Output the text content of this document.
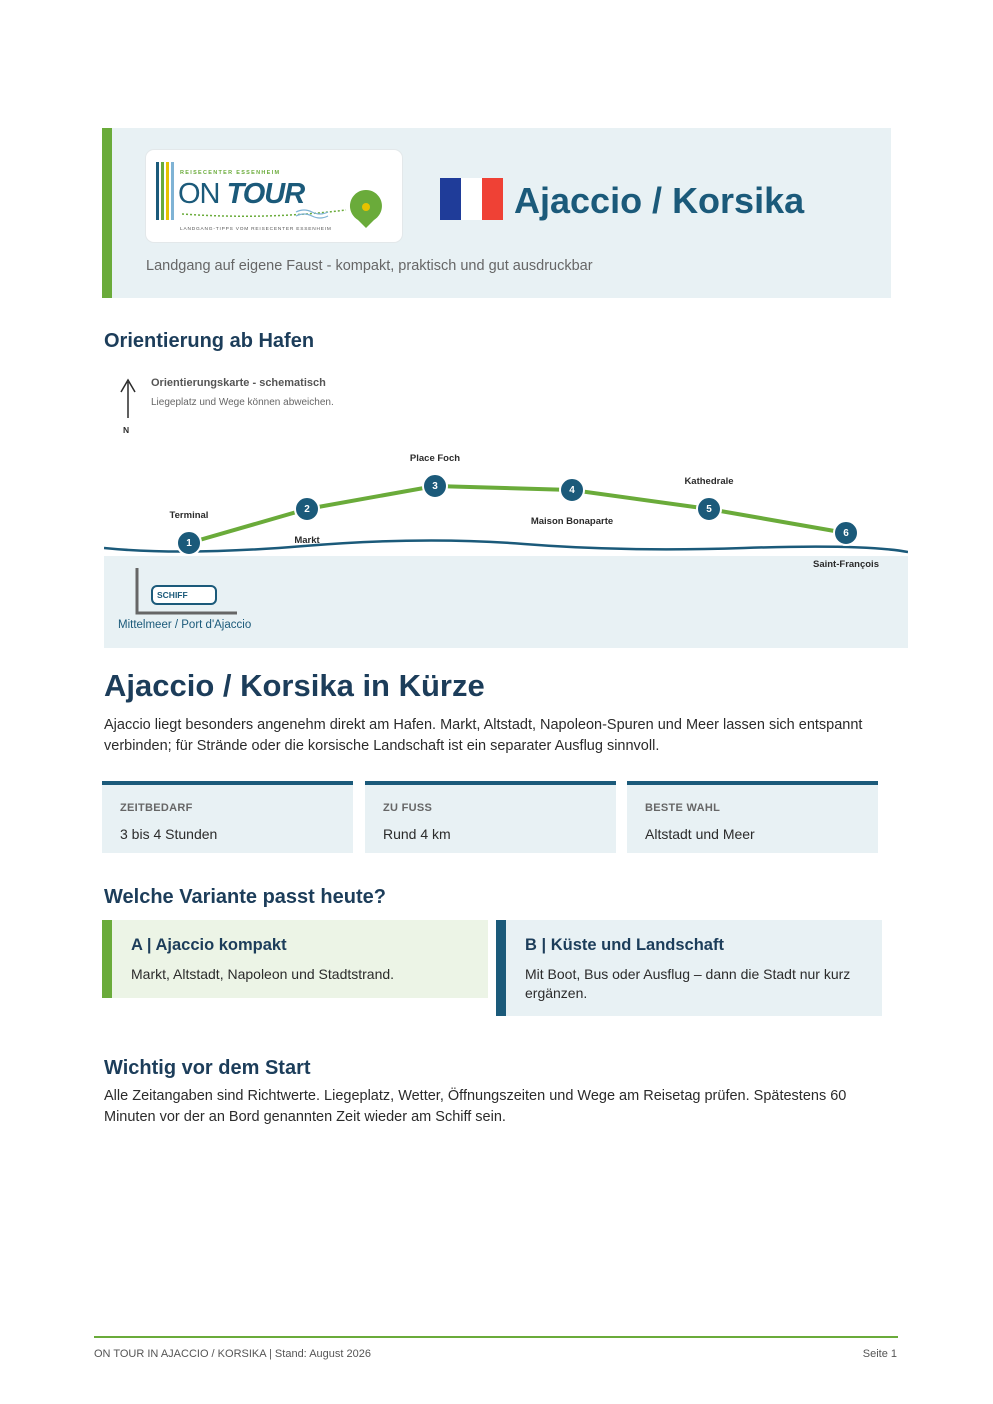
REISECENTER ESSENHEIM
ON TOUR
LANDGANG-TIPPS VOM REISECENTER ESSENHEIM
Ajaccio / Korsika
Landgang auf eigene Faust - kompakt, praktisch und gut ausdruckbar
Orientierung ab Hafen
Orientierungskarte - schematisch
Liegeplatz und Wege können abweichen.
N
Terminal
Markt
Place Foch
Maison Bonaparte
Kathedrale
Saint-François
1
2
3	4
5
6
SCHIFF
Mittelmeer / Port d'Ajaccio
Ajaccio / Korsika in Kürze

Ajaccio liegt besonders angenehm direkt am Hafen. Markt, Altstadt, Napoleon-Spuren und Meer lassen sich entspannt verbinden; für Strände oder die korsische Landschaft ist ein separater Ausflug sinnvoll.

ZEITBEDARF
3 bis 4 Stunden
ZU FUSS
Rund 4 km
BESTE WAHL
Altstadt und Meer
Welche Variante passt heute?
A | Ajaccio kompakt
Markt, Altstadt, Napoleon und Stadtstrand.
B | Küste und Landschaft
Mit Boot, Bus oder Ausflug – dann die Stadt nur kurz ergänzen.
Wichtig vor dem Start

Alle Zeitangaben sind Richtwerte. Liegeplatz, Wetter, Öffnungszeiten und Wege am Reisetag prüfen. Spätestens 60 Minuten vor der an Bord genannten Zeit wieder am Schiff sein.

ON TOUR IN AJACCIO / KORSIKA | Stand: August 2026	Seite 1
